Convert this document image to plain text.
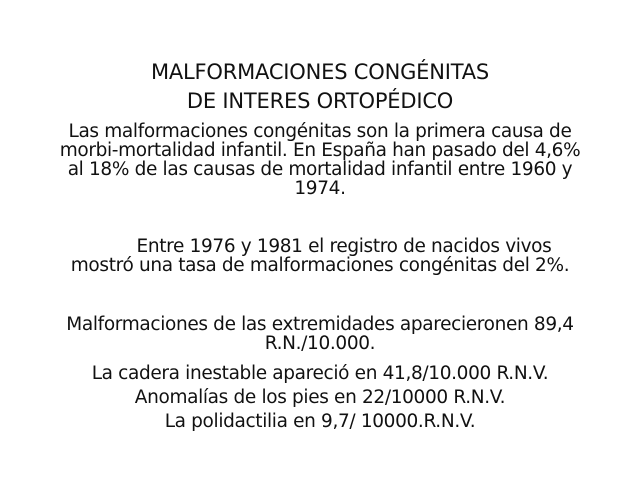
MALFORMACIONES CONGÉNITAS
DE INTERES ORTOPÉDICO
Las malformaciones congénitas son la primera causa de
morbi-mortalidad infantil. En España han pasado del 4,6%
al 18% de las causas de mortalidad infantil entre 1960 y
1974.
Entre 1976 y 1981 el registro de nacidos vivos
mostró una tasa de malformaciones congénitas del 2%.
Malformaciones de las extremidades aparecieronen 89,4
R.N./10.000.
La cadera inestable apareció en 41,8/10.000 R.N.V.
Anomalías de los pies en 22/10000 R.N.V.
La polidactilia en 9,7/ 10000.R.N.V.
